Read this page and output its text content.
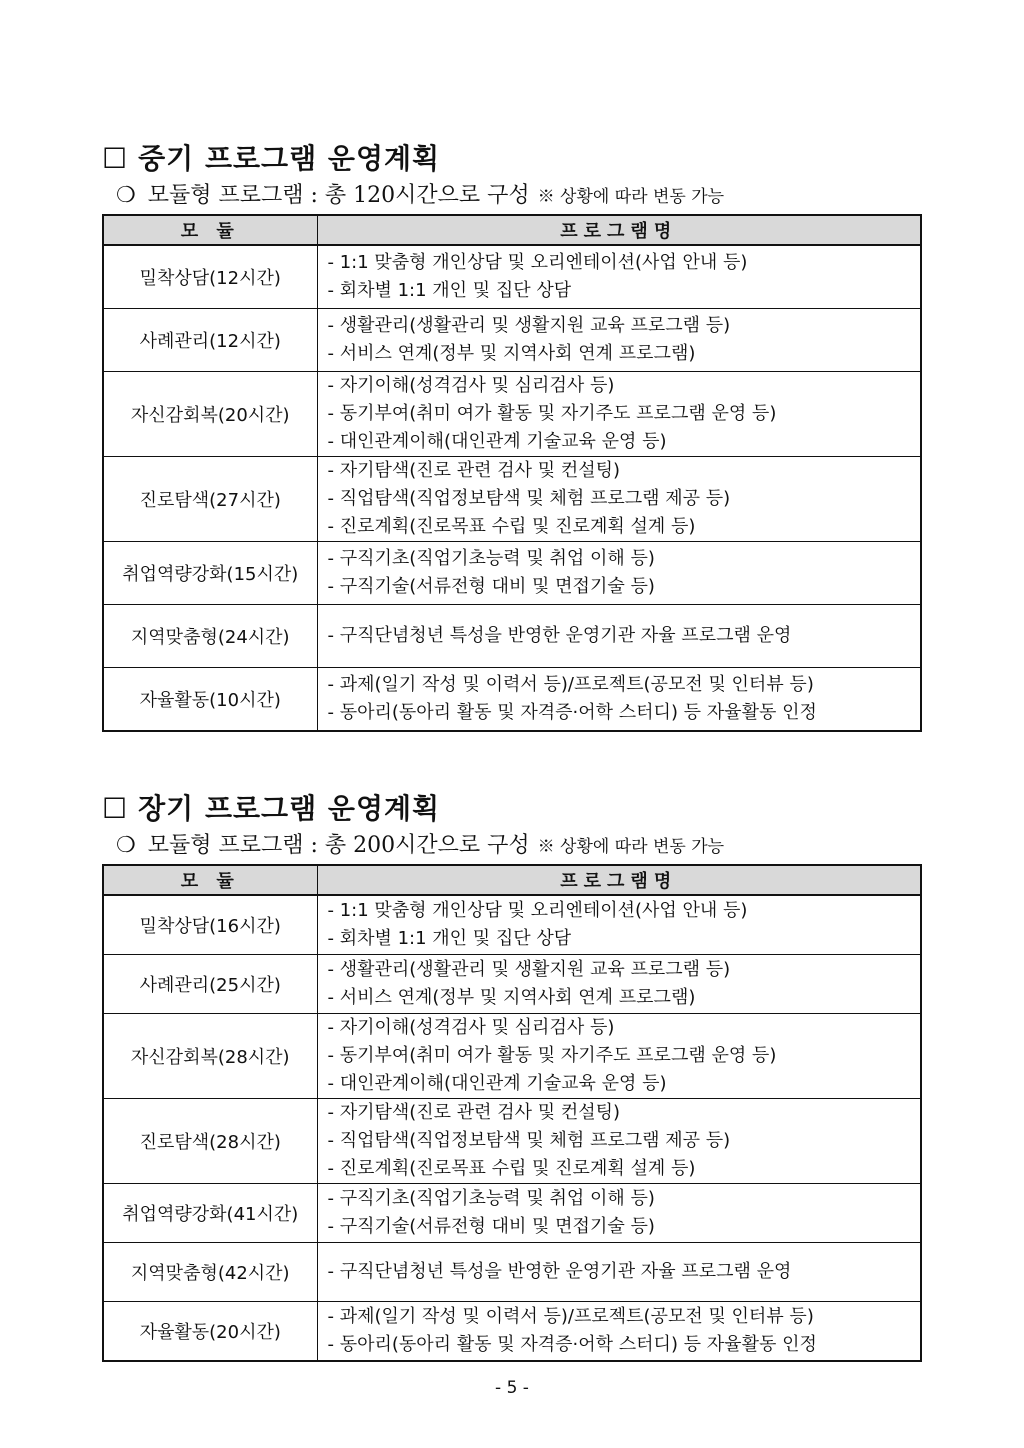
☐ 중기 프로그램 운영계획
❍ 모듈형 프로그램 : 총 120시간으로 구성 ※ 상황에 따라 변동 가능
모 듈	프로그램명
밀착상담(12시간)	- 1:1 맞춤형 개인상담 및 오리엔테이션(사업 안내 등)
- 회차별 1:1 개인 및 집단 상담

사례관리(12시간)	- 생활관리(생활관리 및 생활지원 교육 프로그램 등)
- 서비스 연계(정부 및 지역사회 연계 프로그램)

자신감회복(20시간)	- 자기이해(성격검사 및 심리검사 등)
- 동기부여(취미 여가 활동 및 자기주도 프로그램 운영 등)
- 대인관계이해(대인관계 기술교육 운영 등)

진로탐색(27시간)	- 자기탐색(진로 관련 검사 및 컨설팅)
- 직업탐색(직업정보탐색 및 체험 프로그램 제공 등)
- 진로계획(진로목표 수립 및 진로계획 설계 등)

취업역량강화(15시간)	- 구직기초(직업기초능력 및 취업 이해 등)
- 구직기술(서류전형 대비 및 면접기술 등)

지역맞춤형(24시간)	- 구직단념청년 특성을 반영한 운영기관 자율 프로그램 운영

자율활동(10시간)	- 과제(일기 작성 및 이력서 등)/프로젝트(공모전 및 인터뷰 등)
- 동아리(동아리 활동 및 자격증·어학 스터디) 등 자율활동 인정
☐ 장기 프로그램 운영계획
❍ 모듈형 프로그램 : 총 200시간으로 구성 ※ 상황에 따라 변동 가능
모 듈	프로그램명
밀착상담(16시간)	- 1:1 맞춤형 개인상담 및 오리엔테이션(사업 안내 등)
- 회차별 1:1 개인 및 집단 상담

사례관리(25시간)	- 생활관리(생활관리 및 생활지원 교육 프로그램 등)
- 서비스 연계(정부 및 지역사회 연계 프로그램)

자신감회복(28시간)	- 자기이해(성격검사 및 심리검사 등)
- 동기부여(취미 여가 활동 및 자기주도 프로그램 운영 등)
- 대인관계이해(대인관계 기술교육 운영 등)

진로탐색(28시간)	- 자기탐색(진로 관련 검사 및 컨설팅)
- 직업탐색(직업정보탐색 및 체험 프로그램 제공 등)
- 진로계획(진로목표 수립 및 진로계획 설계 등)

취업역량강화(41시간)	- 구직기초(직업기초능력 및 취업 이해 등)
- 구직기술(서류전형 대비 및 면접기술 등)

지역맞춤형(42시간)	- 구직단념청년 특성을 반영한 운영기관 자율 프로그램 운영

자율활동(20시간)	- 과제(일기 작성 및 이력서 등)/프로젝트(공모전 및 인터뷰 등)
- 동아리(동아리 활동 및 자격증·어학 스터디) 등 자율활동 인정
- 5 -
